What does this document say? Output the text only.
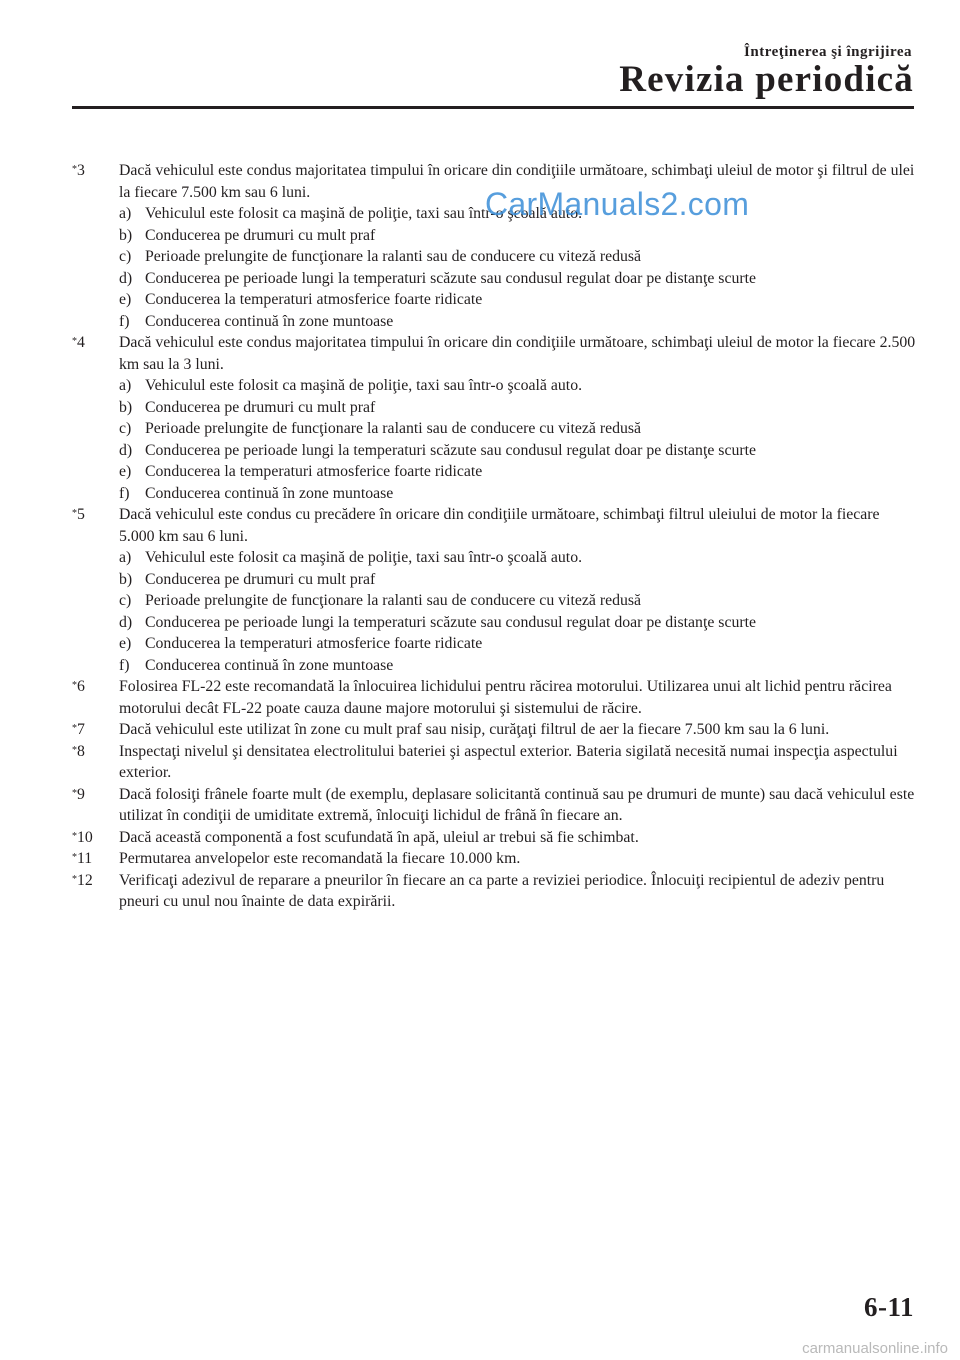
Întreţinerea şi îngrijirea
Revizia periodică
*3 Dacă vehiculul este condus majoritatea timpului în oricare din condiţiile următoare, schimbaţi uleiul de motor şi filtrul de ulei la fiecare 7.500 km sau 6 luni.
a) Vehiculul este folosit ca maşină de poliţie, taxi sau într-o şcoală auto.
b) Conducerea pe drumuri cu mult praf
c) Perioade prelungite de funcţionare la ralanti sau de conducere cu viteză redusă
d) Conducerea pe perioade lungi la temperaturi scăzute sau condusul regulat doar pe distanţe scurte
e) Conducerea la temperaturi atmosferice foarte ridicate
f) Conducerea continuă în zone muntoase
*4 Dacă vehiculul este condus majoritatea timpului în oricare din condiţiile următoare, schimbaţi uleiul de motor la fiecare 2.500 km sau la 3 luni.
a) Vehiculul este folosit ca maşină de poliţie, taxi sau într-o şcoală auto.
b) Conducerea pe drumuri cu mult praf
c) Perioade prelungite de funcţionare la ralanti sau de conducere cu viteză redusă
d) Conducerea pe perioade lungi la temperaturi scăzute sau condusul regulat doar pe distanţe scurte
e) Conducerea la temperaturi atmosferice foarte ridicate
f) Conducerea continuă în zone muntoase
*5 Dacă vehiculul este condus cu precădere în oricare din condiţiile următoare, schimbaţi filtrul uleiului de motor la fiecare 5.000 km sau 6 luni.
a) Vehiculul este folosit ca maşină de poliţie, taxi sau într-o şcoală auto.
b) Conducerea pe drumuri cu mult praf
c) Perioade prelungite de funcţionare la ralanti sau de conducere cu viteză redusă
d) Conducerea pe perioade lungi la temperaturi scăzute sau condusul regulat doar pe distanţe scurte
e) Conducerea la temperaturi atmosferice foarte ridicate
f) Conducerea continuă în zone muntoase
*6 Folosirea FL-22 este recomandată la înlocuirea lichidului pentru răcirea motorului. Utilizarea unui alt lichid pentru răcirea motorului decât FL-22 poate cauza daune majore motorului şi sistemului de răcire.
*7 Dacă vehiculul este utilizat în zone cu mult praf sau nisip, curăţaţi filtrul de aer la fiecare 7.500 km sau la 6 luni.
*8 Inspectaţi nivelul şi densitatea electrolitului bateriei şi aspectul exterior. Bateria sigilată necesită numai inspecţia aspectului exterior.
*9 Dacă folosiţi frânele foarte mult (de exemplu, deplasare solicitantă continuă sau pe drumuri de munte) sau dacă vehiculul este utilizat în condiţii de umiditate extremă, înlocuiţi lichidul de frână în fiecare an.
*10 Dacă această componentă a fost scufundată în apă, uleiul ar trebui să fie schimbat.
*11 Permutarea anvelopelor este recomandată la fiecare 10.000 km.
*12 Verificaţi adezivul de reparare a pneurilor în fiecare an ca parte a reviziei periodice. Înlocuiţi recipientul de adeziv pentru pneuri cu unul nou înainte de data expirării.
CarManuals2.com
6-11
carmanualsonline.info
